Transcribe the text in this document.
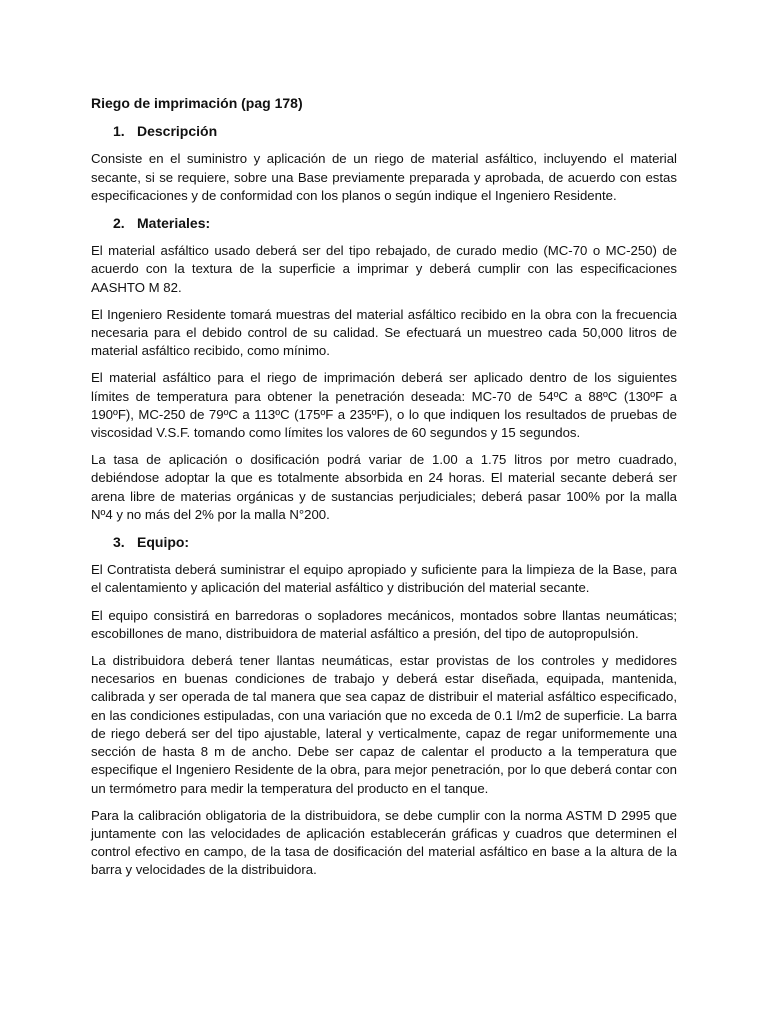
Riego de imprimación (pag 178)
1. Descripción

Consiste en el suministro y aplicación de un riego de material asfáltico, incluyendo el material secante, si se requiere, sobre una Base previamente preparada y aprobada, de acuerdo con estas especificaciones y de conformidad con los planos o según indique el Ingeniero Residente.

2. Materiales:

El material asfáltico usado deberá ser del tipo rebajado, de curado medio (MC-70 o MC-250) de acuerdo con la textura de la superficie a imprimar y deberá cumplir con las especificaciones AASHTO M 82.

El Ingeniero Residente tomará muestras del material asfáltico recibido en la obra con la frecuencia necesaria para el debido control de su calidad. Se efectuará un muestreo cada 50,000 litros de material asfáltico recibido, como mínimo.

El material asfáltico para el riego de imprimación deberá ser aplicado dentro de los siguientes límites de temperatura para obtener la penetración deseada: MC-70 de 54ºC a 88ºC (130ºF a 190ºF), MC-250 de 79ºC a 113ºC (175ºF a 235ºF), o lo que indiquen los resultados de pruebas de viscosidad V.S.F. tomando como límites los valores de 60 segundos y 15 segundos.

La tasa de aplicación o dosificación podrá variar de 1.00 a 1.75 litros por metro cuadrado, debiéndose adoptar la que es totalmente absorbida en 24 horas. El material secante deberá ser arena libre de materias orgánicas y de sustancias perjudiciales; deberá pasar 100% por la malla Nº4 y no más del 2% por la malla N°200.

3. Equipo:

El Contratista deberá suministrar el equipo apropiado y suficiente para la limpieza de la Base, para el calentamiento y aplicación del material asfáltico y distribución del material secante.

El equipo consistirá en barredoras o sopladores mecánicos, montados sobre llantas neumáticas; escobillones de mano, distribuidora de material asfáltico a presión, del tipo de autopropulsión.

La distribuidora deberá tener llantas neumáticas, estar provistas de los controles y medidores necesarios en buenas condiciones de trabajo y deberá estar diseñada, equipada, mantenida, calibrada y ser operada de tal manera que sea capaz de distribuir el material asfáltico especificado, en las condiciones estipuladas, con una variación que no exceda de 0.1 l/m2 de superficie. La barra de riego deberá ser del tipo ajustable, lateral y verticalmente, capaz de regar uniformemente una sección de hasta 8 m de ancho. Debe ser capaz de calentar el producto a la temperatura que especifique el Ingeniero Residente de la obra, para mejor penetración, por lo que deberá contar con un termómetro para medir la temperatura del producto en el tanque.

Para la calibración obligatoria de la distribuidora, se debe cumplir con la norma ASTM D 2995 que juntamente con las velocidades de aplicación establecerán gráficas y cuadros que determinen el control efectivo en campo, de la tasa de dosificación del material asfáltico en base a la altura de la barra y velocidades de la distribuidora.
